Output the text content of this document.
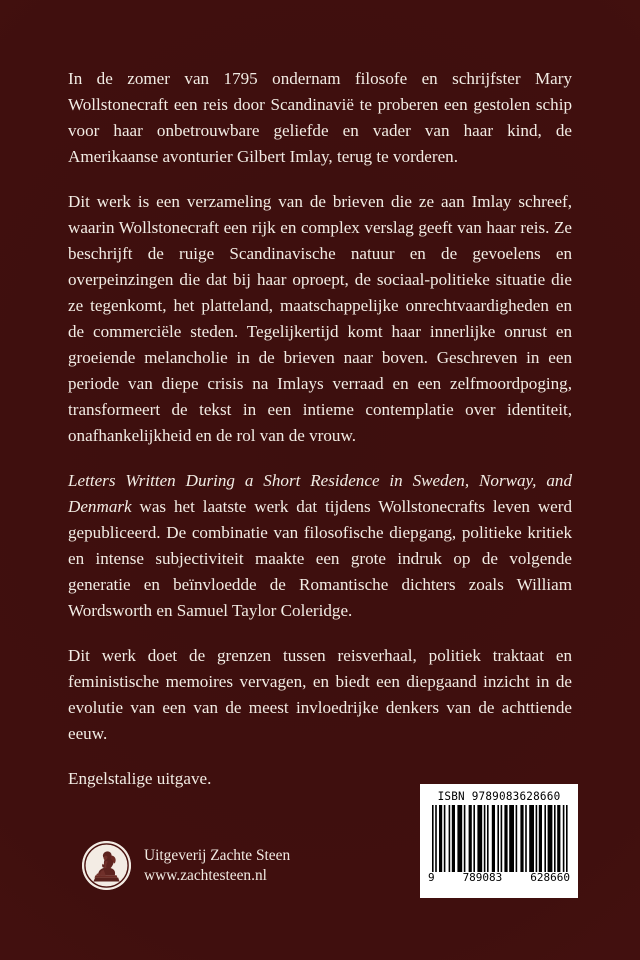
In de zomer van 1795 ondernam filosofe en schrijfster Mary Wollstonecraft een reis door Scandinavië te proberen een gestolen schip voor haar onbetrouwbare geliefde en vader van haar kind, de Amerikaanse avonturier Gilbert Imlay, terug te vorderen.

Dit werk is een verzameling van de brieven die ze aan Imlay schreef, waarin Wollstonecraft een rijk en complex verslag geeft van haar reis. Ze beschrijft de ruige Scandinavische natuur en de gevoelens en overpeinzingen die dat bij haar oproept, de sociaal-politieke situatie die ze tegenkomt, het platteland, maatschappelijke onrechtvaardigheden en de commerciële steden. Tegelijkertijd komt haar innerlijke onrust en groeiende melancholie in de brieven naar boven. Geschreven in een periode van diepe crisis na Imlays verraad en een zelfmoordpoging, transformeert de tekst in een intieme contemplatie over identiteit, onafhankelijkheid en de rol van de vrouw.

Letters Written During a Short Residence in Sweden, Norway, and Denmark was het laatste werk dat tijdens Wollstonecrafts leven werd gepubliceerd. De combinatie van filosofische diepgang, politieke kritiek en intense subjectiviteit maakte een grote indruk op de volgende generatie en beïnvloedde de Romantische dichters zoals William Wordsworth en Samuel Taylor Coleridge.

Dit werk doet de grenzen tussen reisverhaal, politiek traktaat en feministische memoires vervagen, en biedt een diepgaand inzicht in de evolutie van een van de meest invloedrijke denkers van de achttiende eeuw.

Engelstalige uitgave.

Uitgeverij Zachte Steen
www.zachtesteen.nl
ISBN 9789083628660
9	789083	628660
